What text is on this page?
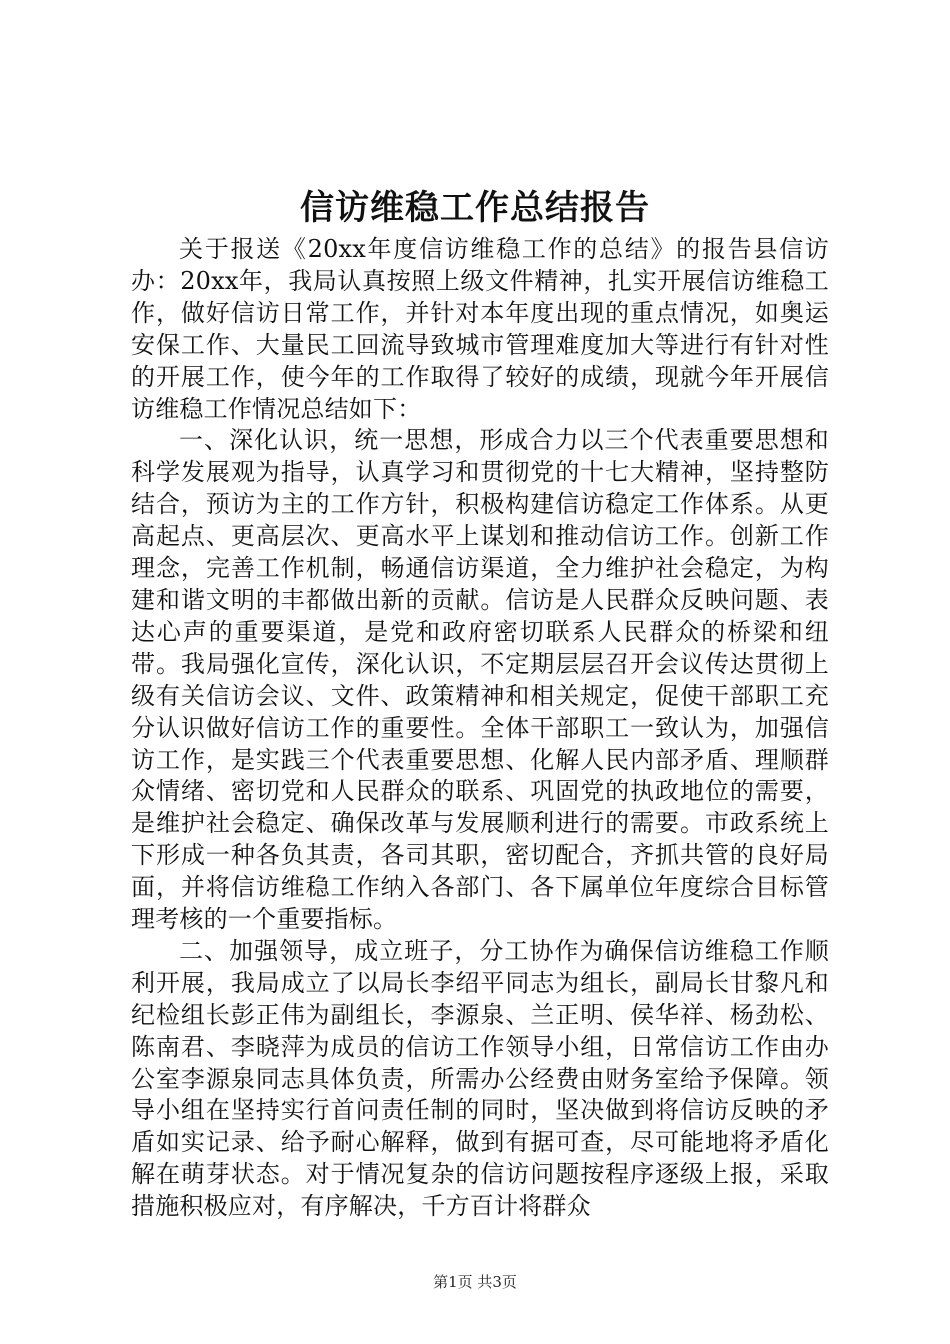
信访维稳工作总结报告

关于报送《20xx年度信访维稳工作的总结》的报告县信访办：20xx年，我局认真按照上级文件精神，扎实开展信访维稳工作，做好信访日常工作，并针对本年度出现的重点情况，如奥运安保工作、大量民工回流导致城市管理难度加大等进行有针对性的开展工作，使今年的工作取得了较好的成绩，现就今年开展信访维稳工作情况总结如下：

一、深化认识，统一思想，形成合力以三个代表重要思想和科学发展观为指导，认真学习和贯彻党的十七大精神，坚持整防结合，预访为主的工作方针，积极构建信访稳定工作体系。从更高起点、更高层次、更高水平上谋划和推动信访工作。创新工作理念，完善工作机制，畅通信访渠道，全力维护社会稳定，为构建和谐文明的丰都做出新的贡献。信访是人民群众反映问题、表达心声的重要渠道，是党和政府密切联系人民群众的桥梁和纽带。我局强化宣传，深化认识，不定期层层召开会议传达贯彻上级有关信访会议、文件、政策精神和相关规定，促使干部职工充分认识做好信访工作的重要性。全体干部职工一致认为，加强信访工作，是实践三个代表重要思想、化解人民内部矛盾、理顺群众情绪、密切党和人民群众的联系、巩固党的执政地位的需要，是维护社会稳定、确保改革与发展顺利进行的需要。市政系统上下形成一种各负其责，各司其职，密切配合，齐抓共管的良好局面，并将信访维稳工作纳入各部门、各下属单位年度综合目标管理考核的一个重要指标。

二、加强领导，成立班子，分工协作为确保信访维稳工作顺利开展，我局成立了以局长李绍平同志为组长，副局长甘黎凡和纪检组长彭正伟为副组长，李源泉、兰正明、侯华祥、杨劲松、陈南君、李晓萍为成员的信访工作领导小组，日常信访工作由办公室李源泉同志具体负责，所需办公经费由财务室给予保障。领导小组在坚持实行首问责任制的同时，坚决做到将信访反映的矛盾如实记录、给予耐心解释，做到有据可查，尽可能地将矛盾化解在萌芽状态。对于情况复杂的信访问题按程序逐级上报，采取措施积极应对，有序解决，千方百计将群众

第1页 共3页
